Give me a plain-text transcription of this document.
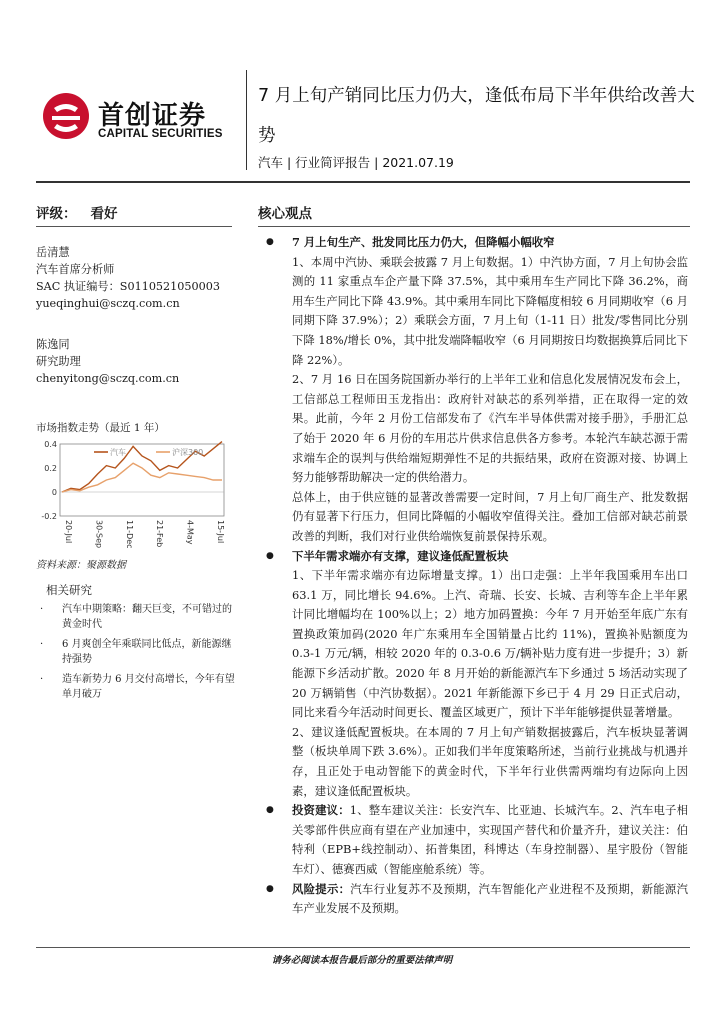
首创证券
CAPITAL SECURITIES
7 月上旬产销同比压力仍大，逢低布局下半年供给改善大势
汽车 | 行业简评报告 | 2021.07.19
评级： 看好	核心观点
岳清慧
汽车首席分析师
SAC 执证编号：S0110521050003
yueqinghui@sczq.com.cn
陈逸同
研究助理
chenyitong@sczq.com.cn
市场指数走势（最近 1 年）
0.4
0.2
0
-0.2
20-Jul	30-Sep	11-Dec	21-Feb	4-May	15-Jul
汽车	沪深300
资料来源：聚源数据
相关研究
· 汽车中期策略：翻天巨变，不可错过的黄金时代
· 6 月爽创全年乘联同比低点，新能源继持强势
· 造车新势力 6 月交付高增长，今年有望单月破万

● 7 月上旬生产、批发同比压力仍大，但降幅小幅收窄

1、本周中汽协、乘联会披露 7 月上旬数据。1）中汽协方面，7 月上旬协会监测的 11 家重点车企产量下降 37.5%，其中乘用车生产同比下降 36.2%，商用车生产同比下降 43.9%。其中乘用车同比下降幅度相较 6 月同期收窄（6 月同期下降 37.9%）；2）乘联会方面，7 月上旬（1-11 日）批发/零售同比分别下降 18%/增长 0%，其中批发端降幅收窄（6 月同期按日均数据换算后同比下降 22%）。

2、7 月 16 日在国务院国新办举行的上半年工业和信息化发展情况发布会上，工信部总工程师田玉龙指出：政府针对缺芯的系列举措，正在取得一定的效果。此前，今年 2 月份工信部发布了《汽车半导体供需对接手册》，手册汇总了始于 2020 年 6 月份的车用芯片供求信息供各方参考。本轮汽车缺芯源于需求端车企的误判与供给端短期弹性不足的共振结果，政府在资源对接、协调上努力能够帮助解决一定的供给潜力。

总体上，由于供应链的显著改善需要一定时间，7 月上旬厂商生产、批发数据仍有显著下行压力，但同比降幅的小幅收窄值得关注。叠加工信部对缺芯前景改善的判断，我们对行业供给端恢复前景保持乐观。

● 下半年需求端亦有支撑，建议逢低配置板块

1、下半年需求端亦有边际增量支撑。1）出口走强：上半年我国乘用车出口 63.1 万，同比增长 94.6%。上汽、奇瑞、长安、长城、吉利等车企上半年累计同比增幅均在 100%以上；2）地方加码置换：今年 7 月开始至年底广东有置换政策加码(2020 年广东乘用车全国销量占比约 11%)，置换补贴额度为 0.3-1 万元/辆，相较 2020 年的 0.3-0.6 万/辆补贴力度有进一步提升；3）新能源下乡活动扩散。2020 年 8 月开始的新能源汽车下乡通过 5 场活动实现了 20 万辆销售（中汽协数据）。2021 年新能源下乡已于 4 月 29 日正式启动，同比来看今年活动时间更长、覆盖区域更广，预计下半年能够提供显著增量。

2、建议逢低配置板块。在本周的 7 月上旬产销数据披露后，汽车板块显著调整（板块单周下跌 3.6%）。正如我们半年度策略所述，当前行业挑战与机遇并存，且正处于电动智能下的黄金时代，下半年行业供需两端均有边际向上因素，建议逢低配置板块。

● 投资建议：1、整车建议关注：长安汽车、比亚迪、长城汽车。2、汽车电子相关零部件供应商有望在产业加速中，实现国产替代和价量齐升，建议关注：伯特利（EPB+线控制动）、拓普集团，科博达（车身控制器）、星宇股份（智能车灯）、德赛西威（智能座舱系统）等。

● 风险提示：汽车行业复苏不及预期，汽车智能化产业进程不及预期，新能源汽车产业发展不及预期。

请务必阅读本报告最后部分的重要法律声明
